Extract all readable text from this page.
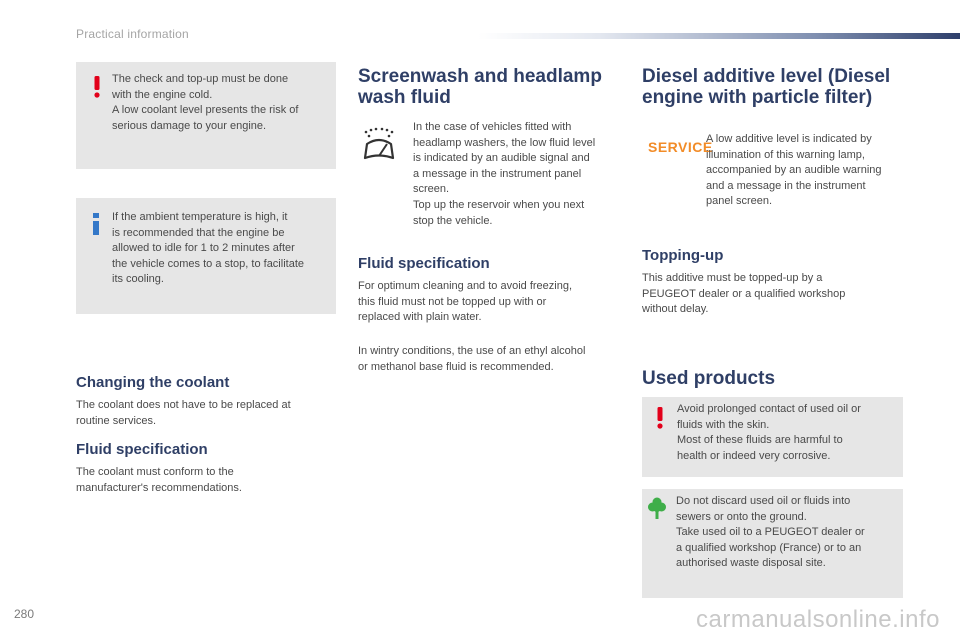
Practical information

The check and top-up must be done

with the engine cold.

A low coolant level presents the risk of

serious damage to your engine.

If the ambient temperature is high, it

is recommended that the engine be

allowed to idle for 1 to 2 minutes after

the vehicle comes to a stop, to facilitate

its cooling.

Changing the coolant

The coolant does not have to be replaced at

routine services.

Fluid specification

The coolant must conform to the

manufacturer's recommendations.

Screenwash and headlamp
wash fluid

In the case of vehicles fitted with

headlamp washers, the low fluid level

is indicated by an audible signal and

a message in the instrument panel

screen.

Top up the reservoir when you next

stop the vehicle.

Fluid specification

For optimum cleaning and to avoid freezing,

this fluid must not be topped up with or

replaced with plain water.

In wintry conditions, the use of an ethyl alcohol

or methanol base fluid is recommended.

Diesel additive level (Diesel
engine with particle filter)
SERVICE

A low additive level is indicated by

illumination of this warning lamp,

accompanied by an audible warning

and a message in the instrument

panel screen.

Topping-up

This additive must be topped-up by a

PEUGEOT dealer or a qualified workshop

without delay.

Used products

Avoid prolonged contact of used oil or

fluids with the skin.

Most of these fluids are harmful to

health or indeed very corrosive.

Do not discard used oil or fluids into

sewers or onto the ground.

Take used oil to a PEUGEOT dealer or

a qualified workshop (France) or to an

authorised waste disposal site.

280	carmanualsonline.info
